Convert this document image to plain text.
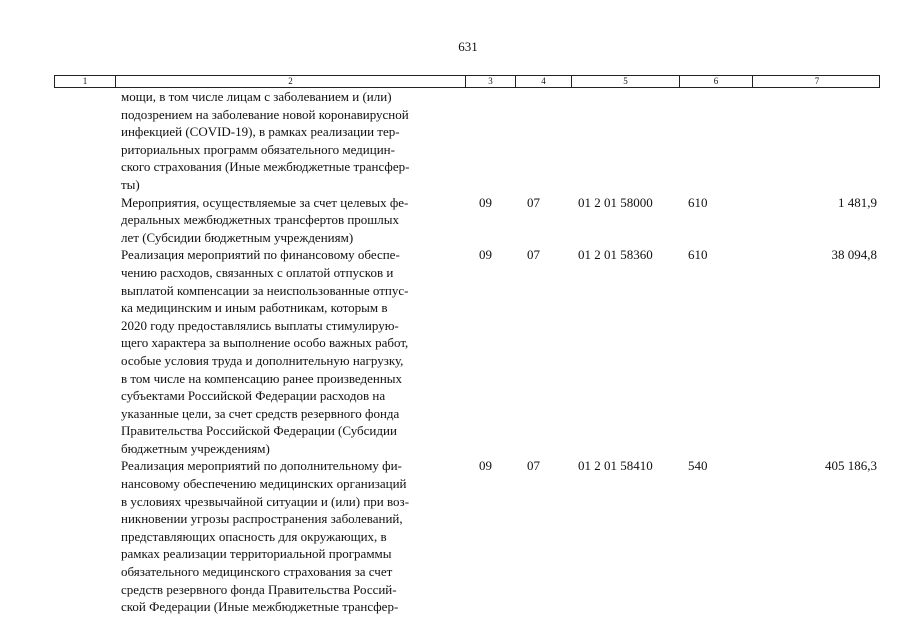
631
1	2	3	4	5	6	7
мощи, в том числе лицам с заболеванием и (или)
подозрением на заболевание новой коронавирусной
инфекцией (COVID-19), в рамках реализации тер-
риториальных программ обязательного медицин-
ского страхования (Иные межбюджетные трансфер-
ты)
Мероприятия, осуществляемые за счет целевых фе-
деральных межбюджетных трансфертов прошлых
лет (Субсидии бюджетным учреждениям)
09	07	01 2 01 58000	610	1 481,9
Реализация мероприятий по финансовому обеспе-
чению расходов, связанных с оплатой отпусков и
выплатой компенсации за неиспользованные отпус-
ка медицинским и иным работникам, которым в
2020 году предоставлялись выплаты стимулирую-
щего характера за выполнение особо важных работ,
особые условия труда и дополнительную нагрузку,
в том числе на компенсацию ранее произведенных
субъектами Российской Федерации расходов на
указанные цели, за счет средств резервного фонда
Правительства Российской Федерации (Субсидии
бюджетным учреждениям)
09	07	01 2 01 58360	610	38 094,8
Реализация мероприятий по дополнительному фи-
нансовому обеспечению медицинских организаций
в условиях чрезвычайной ситуации и (или) при воз-
никновении угрозы распространения заболеваний,
представляющих опасность для окружающих, в
рамках реализации территориальной программы
обязательного медицинского страхования за счет
средств резервного фонда Правительства Россий-
ской Федерации (Иные межбюджетные трансфер-
09	07	01 2 01 58410	540	405 186,3
